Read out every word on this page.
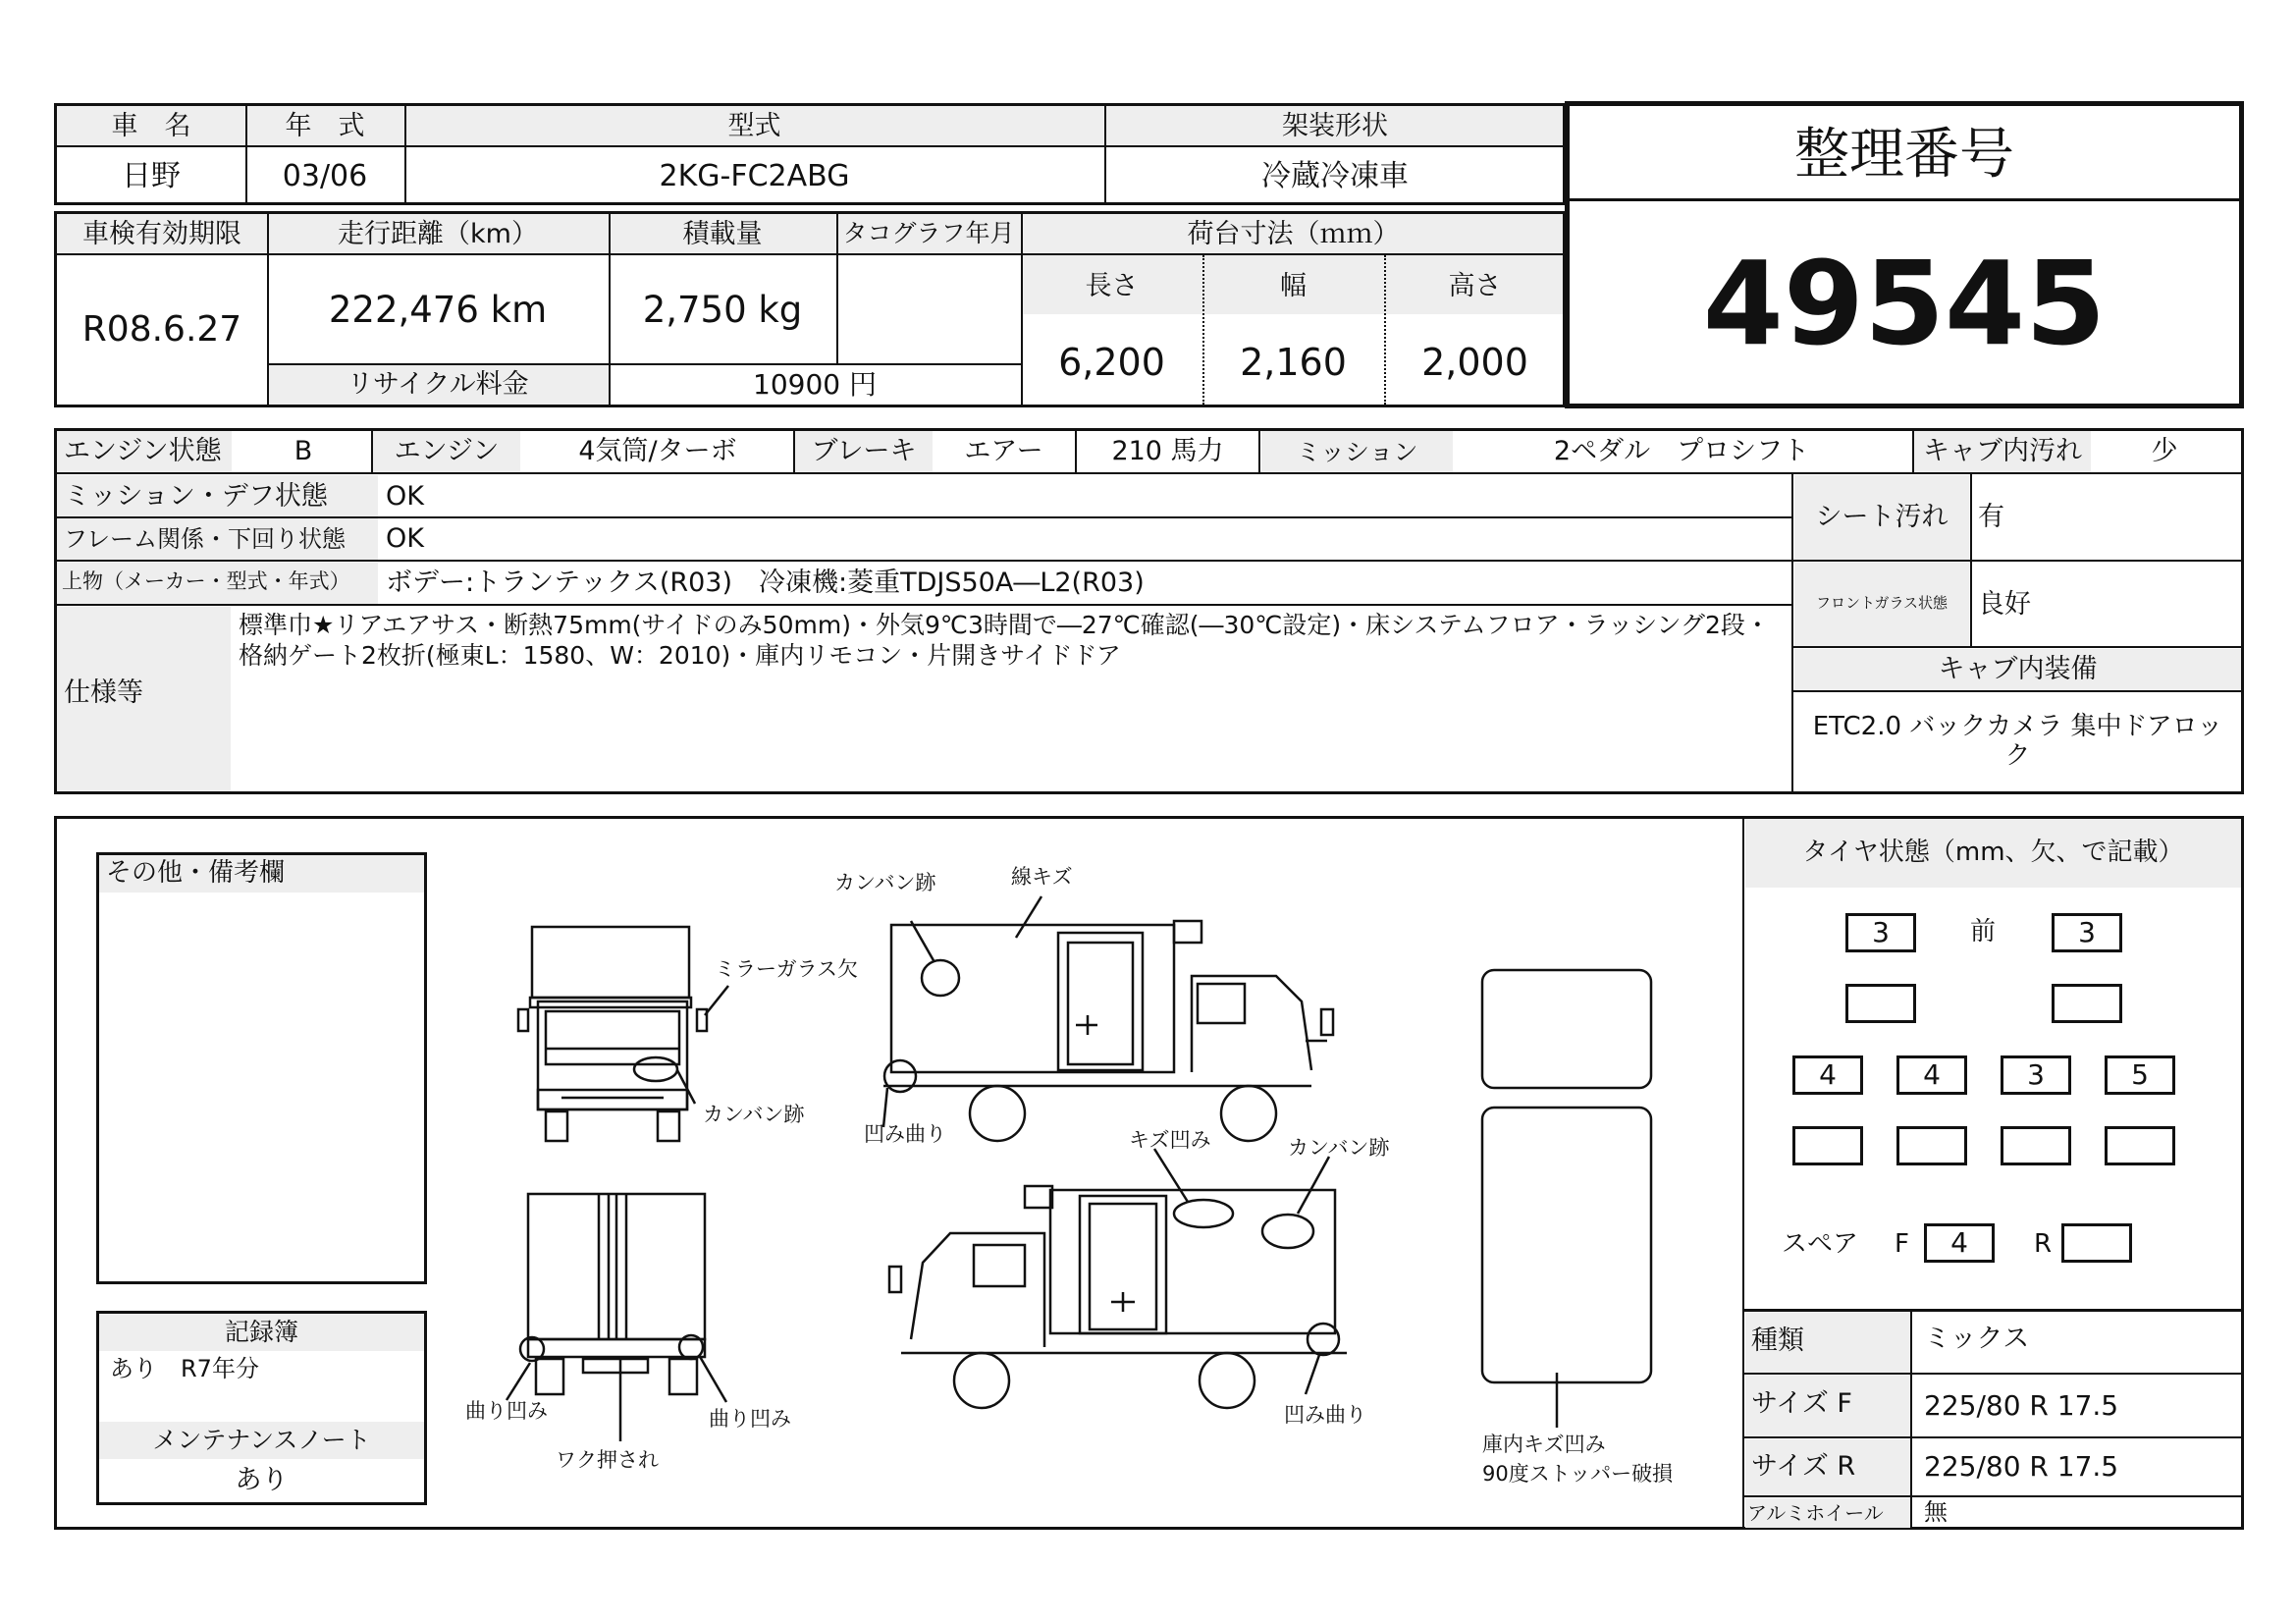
車　名	年　式	型式	架装形状
日野	03/06	2KG-FC2ABG	冷蔵冷凍車
車検有効期限	走行距離（km）	積載量	タコグラフ年月	荷台寸法（ｍｍ）
R08.6.27	222,476 km	2,750 kg
リサイクル料金	10900 円
長さ	幅	高さ
6,200	2,160	2,000
整理番号
49545
エンジン状態	B	エンジン	4気筒/ターボ	ブレーキ	エアー	210 馬力	ミッション	2ペダル　プロシフト	キャブ内汚れ	少
ミッション・デフ状態 OK
フレーム関係・下回り状態 OK
上物（メーカー・型式・年式） ボデー:トランテックス(R03)　冷凍機:菱重TDJS50A―L2(R03)
仕様等
標準巾★リアエアサス・断熱75mm(サイドのみ50mm)・外気9℃3時間で―27℃確認(―30℃設定)・床システムフロア・ラッシング2段・
格納ゲート2枚折(極東L：1580、W：2010)・庫内リモコン・片開きサイドドア
シート汚れ	有
フロントガラス状態	良好
キャブ内装備
ETC2.0 バックカメラ 集中ドアロッ
ク
その他・備考欄
記録簿
あり　R7年分
メンテナンスノート
あり
カンバン跡	線キズ
ミラーガラス欠
カンバン跡
凹み曲り	キズ凹み	カンバン跡
曲り凹み	曲り凹み
ワク押され
凹み曲り
庫内キズ凹み
90度ストッパー破損
タイヤ状態（mm、欠、で記載）
3	前	3
4	4	3	5
スペア F	4	R
種類	ミックス
サイズ F	225/80 R 17.5
サイズ R 225/80 R 17.5
アルミホイール 無
